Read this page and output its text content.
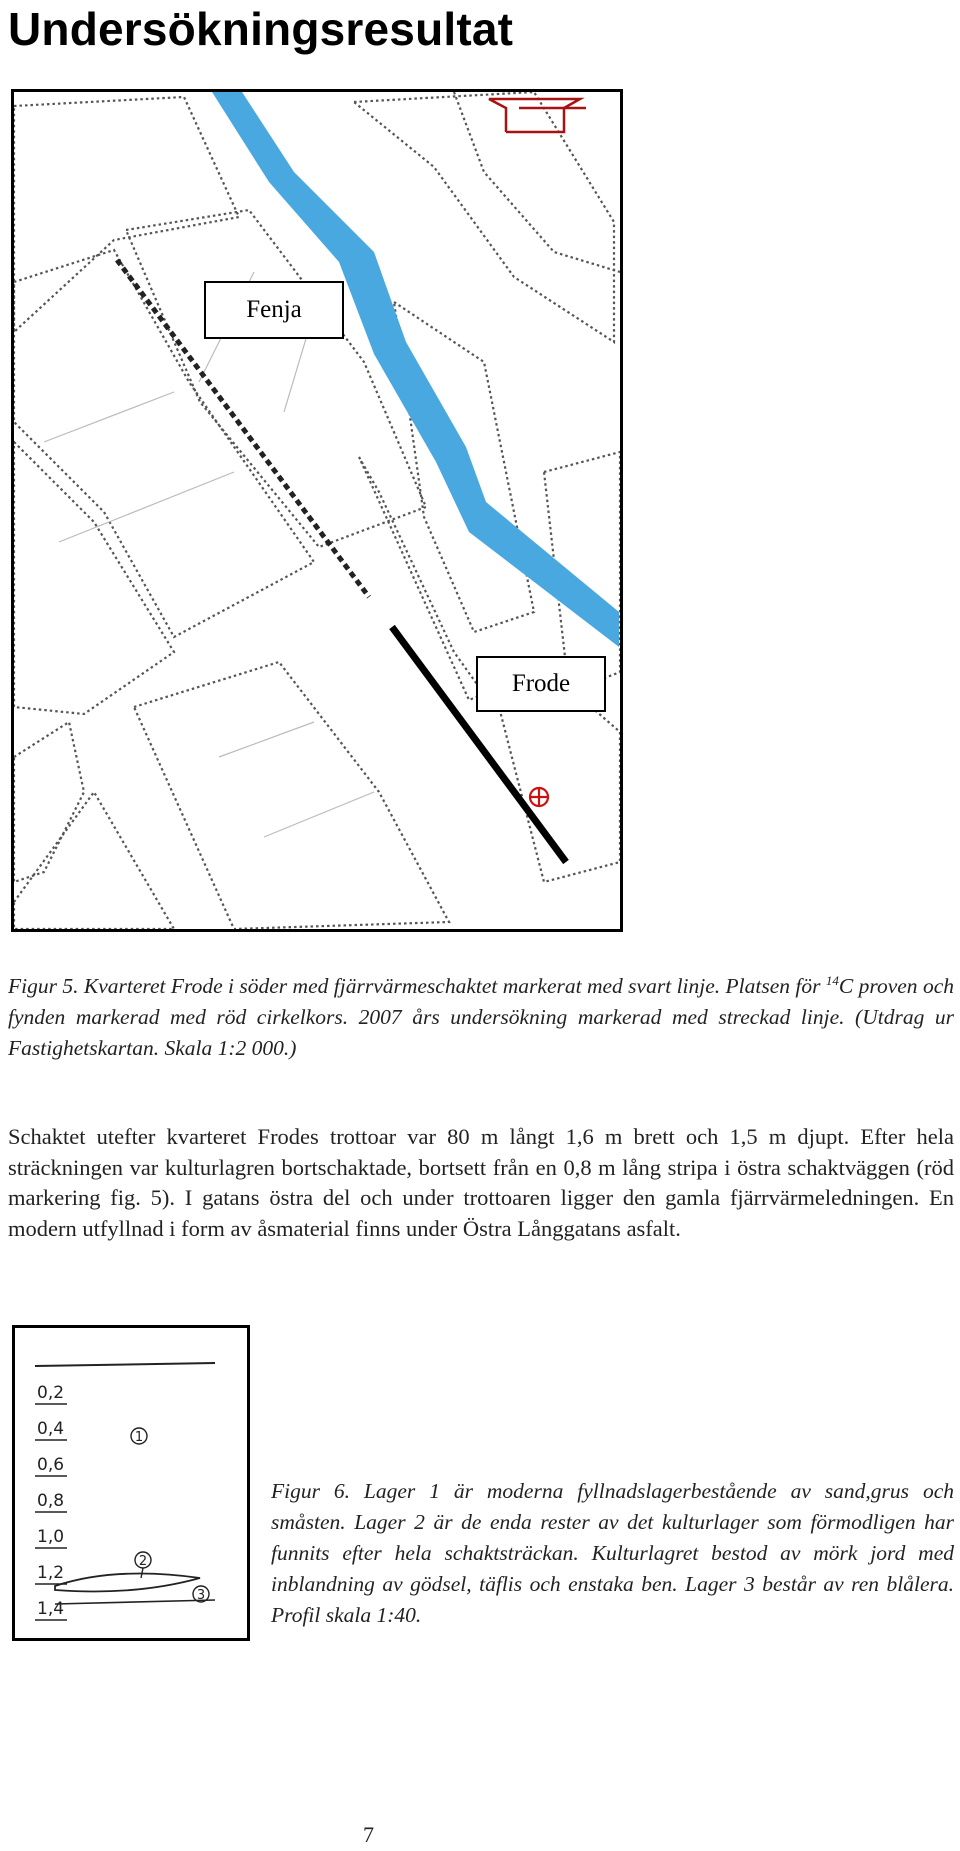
Undersökningsresultat
Fenja
Frode

Figur 5. Kvarteret Frode i söder med fjärrvärmeschaktet markerat med svart linje. Platsen för $^{14}$C proven och fynden markerad med röd cirkelkors. 2007 års undersökning markerad med streckad linje. (Utdrag ur Fastighetskartan. Skala 1:2 000.)

Schaktet utefter kvarteret Frodes trottoar var 80 m långt 1,6 m brett och 1,5 m djupt. Efter hela sträckningen var kulturlagren bortschaktade, bortsett från en 0,8 m lång stripa i östra schaktväggen (röd markering fig. 5). I gatans östra del och under trottoaren ligger den gamla fjärrvärmeledningen. En modern utfyllnad i form av åsmaterial finns under Östra Långgatans asfalt.

0,2
0,4
0,6
0,8
1,0
1,2
1,4
1
2
3

Figur 6. Lager 1 är moderna fyllnadslagerbestående av sand,grus och småsten. Lager 2 är de enda rester av det kulturlager som förmodligen har funnits efter hela schaktsträckan. Kulturlagret bestod av mörk jord med inblandning av gödsel, täflis och enstaka ben. Lager 3 består av ren blålera. Profil skala 1:40.

7
